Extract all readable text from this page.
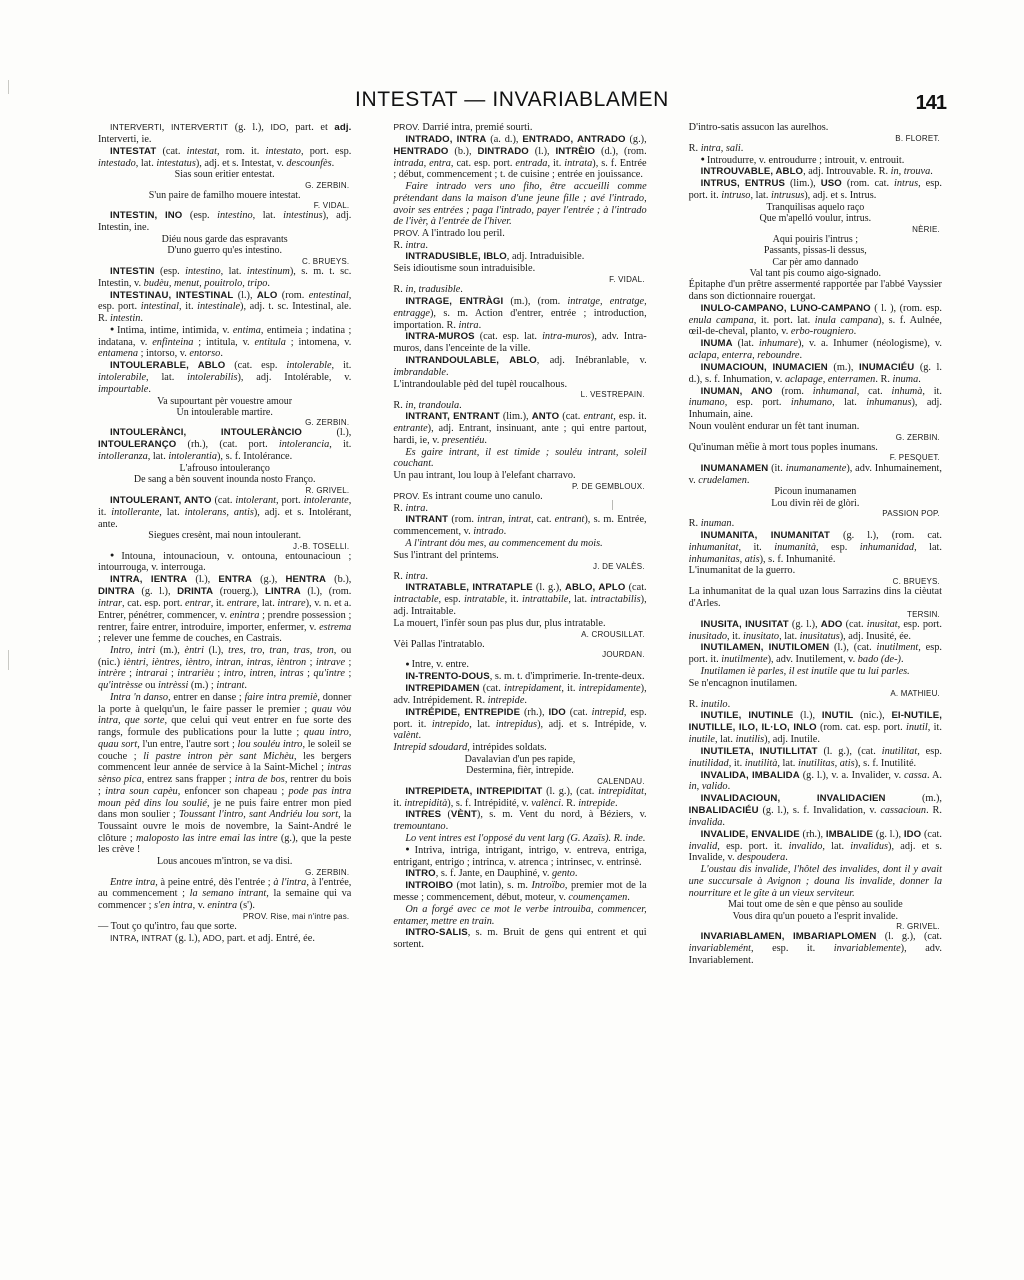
INTESTAT — INVARIABLAMEN	141

INTERVERTI, INTERVERTIT (g. l.), IDO, part. et adj. Interverti, ie.

INTESTAT (cat. intestat, rom. it. intestato, port. esp. intestado, lat. intestatus), adj. et s. Intestat, v. descounfès.

Sias soun eritier entestat.

G. ZERBIN.

S'un paire de familho mouere intestat.

F. VIDAL.

INTESTIN, INO (esp. intestino, lat. intestinus), adj. Intestin, ine.

Diéu nous garde das espravants

D'uno guerro qu'es intestino.

C. BRUEYS.

INTESTIN (esp. intestino, lat. intestinum), s. m. t. sc. Intestin, v. budèu, menut, pouitrolo, tripo.

INTESTINAU, INTESTINAL (l.), ALO (rom. entestinal, esp. port. intestinal, it. intestinale), adj. t. sc. Intestinal, ale. R. intestin.

● Intima, intime, intimida, v. entima, entimeia ; indatina ; indatana, v. enfinteina ; intitula, v. entitula ; intomena, v. entamena ; intorso, v. entorso.

INTOULERABLE, ABLO (cat. esp. intolerable, it. intolerabile, lat. intolerabilis), adj. Intolérable, v. impourtable.

Va supourtant pèr vouestre amour

Un intoulerable martire.

G. ZERBIN.

INTOULERÀNCI, INTOULERÀNCIO (l.), INTOULERANÇO (rh.), (cat. port. intolerancia, it. intolleranza, lat. intolerantia), s. f. Intolérance.

L'afrouso intouleranço

De sang a bèn souvent inounda nosto Franço.

R. GRIVEL.

INTOULERANT, ANTO (cat. intolerant, port. intolerante, it. intollerante, lat. intolerans, antis), adj. et s. Intolérant, ante.

Siegues cresènt, mai noun intoulerant.

J.-B. TOSELLI.

● Intouna, intounacioun, v. ontouna, entounacioun ; intourrouga, v. interrouga.

INTRA, IENTRA (l.), ENTRA (g.), HENTRA (b.), DINTRA (g. l.), DRINTA (rouerg.), LINTRA (l.), (rom. intrar, cat. esp. port. entrar, it. entrare, lat. intrare), v. n. et a. Entrer, pénétrer, commencer, v. enintra ; prendre possession ; rentrer, faire entrer, introduire, importer, enfermer, v. estrema ; relever une femme de couches, en Castrais.

Intro, intri (m.), èntri (l.), tres, tro, tran, tras, tron, ou (nic.) ièntri, ièntres, ièntro, intran, intras, ièntron ; intrave ; intrère ; intrarai ; intrarièu ; intro, intren, intras ; qu'intre ; qu'intrèsse ou intrèssi (m.) ; intrant.

Intra 'n danso, entrer en danse ; faire intra premiè, donner la porte à quelqu'un, le faire passer le premier ; quau vòu intra, que sorte, que celui qui veut entrer en fue sorte des rangs, formule des publications pour la lutte ; quau intro, quau sort, l'un entre, l'autre sort ; lou souléu intro, le soleil se couche ; li pastre intron pèr sant Michèu, les bergers commencent leur année de service à la Saint-Michel ; intras sènso pica, entrez sans frapper ; intra de bos, rentrer du bois ; intra soun capèu, enfoncer son chapeau ; pode pas intra moun pèd dins lou soulié, je ne puis faire entrer mon pied dans mon soulier ; Toussant l'intro, sant Andriéu lou sort, la Toussaint ouvre le mois de novembre, la Saint-André le clôture ; maloposto las intre emai las intre (g.), que la peste les crève !

Lous ancoues m'intron, se va disi.

G. ZERBIN.

Entre intra, à peine entré, dès l'entrée ; à l'intra, à l'entrée, au commencement ; la semano intrant, la semaine qui va commencer ; s'en intra, v. enintra (s').

PROV. Rise, mai n'intre pas.

— Tout ço qu'intro, fau que sorte.

INTRA, INTRAT (g. l.), ADO, part. et adj. Entré, ée.

PROV. Darrié intra, premié sourti.

INTRADO, INTRA (a. d.), ENTRADO, ANTRADO (g.), HENTRADO (b.), DINTRADO (l.), INTRÈIO (d.), (rom. intrada, entra, cat. esp. port. entrada, it. intrata), s. f. Entrée ; début, commencement ; t. de cuisine ; entrée en jouissance.

Faire intrado vers uno fiho, être accueilli comme prétendant dans la maison d'une jeune fille ; avé l'intrado, avoir ses entrées ; paga l'intrado, payer l'entrée ; à l'intrado de l'ivèr, à l'entrée de l'hiver.

PROV. A l'intrado lou peril.

R. intra.

INTRADUSIBLE, IBLO, adj. Intraduisible.

Seis idioutisme soun intraduisible.

F. VIDAL.

R. in, tradusible.

INTRAGE, ENTRÀGI (m.), (rom. intratge, entratge, entragge), s. m. Action d'entrer, entrée ; introduction, importation. R. intra.

INTRA-MUROS (cat. esp. lat. intra-muros), adv. Intra-muros, dans l'enceinte de la ville.

INTRANDOULABLE, ABLO, adj. Inébranlable, v. imbrandable.

L'intrandoulable pèd del tupèl roucalhous.

L. VESTREPAIN.

R. in, trandoula.

INTRANT, ENTRANT (lim.), ANTO (cat. entrant, esp. it. entrante), adj. Entrant, insinuant, ante ; qui entre partout, hardi, ie, v. presentiéu.

Es gaire intrant, il est timide ; souléu intrant, soleil couchant.

Un pau intrant, lou loup à l'elefant charravo.

P. DE GEMBLOUX.

PROV. Es intrant coume uno canulo.

R. intra.

INTRANT (rom. intran, intrat, cat. entrant), s. m. Entrée, commencement, v. intrado.

A l'intrant dóu mes, au commencement du mois.

Sus l'intrant del printems.

J. DE VALÈS.

R. intra.

INTRATABLE, INTRATAPLE (l. g.), ABLO, APLO (cat. intractable, esp. intratable, it. intrattabile, lat. intractabilis), adj. Intraitable.

La mouert, l'infèr soun pas plus dur, plus intratable.

A. CROUSILLAT.

Vèi Pallas l'intratablo.

JOURDAN.

● Intre, v. entre.

IN-TRENTO-DOUS, s. m. t. d'imprimerie. In-trente-deux.

INTREPIDAMEN (cat. intrepidament, it. intrepidamente), adv. Intrépidement. R. intrepide.

INTRÉPIDE, ENTREPIDE (rh.), IDO (cat. intrepid, esp. port. it. intrepido, lat. intrepidus), adj. et s. Intrépide, v. valènt.

Intrepid sdoudard, intrépides soldats.

Davalavian d'un pes rapide,

Destermina, fièr, intrepide.

CALENDAU.

INTREPIDETA, INTREPIDITAT (l. g.), (cat. intrepiditat, it. intrepidità), s. f. Intrépidité, v. valènci. R. intrepide.

INTRES (VÈNT), s. m. Vent du nord, à Béziers, v. tremountano.

Lo vent intres est l'opposé du vent larg (G. Azaïs). R. inde.

● Intriva, intriga, intrigant, intrigo, v. entreva, entriga, entrigant, entrigo ; intrinca, v. atrenca ; intrinsec, v. entrinsè.

INTRO, s. f. Jante, en Dauphiné, v. gento.

INTROIBO (mot latin), s. m. Introïbo, premier mot de la messe ; commencement, début, moteur, v. coumençamen.

On a forgé avec ce mot le verbe introuiba, commencer, entamer, mettre en train.

INTRO-SALIS, s. m. Bruit de gens qui entrent et qui sortent.

D'intro-satis assucon las aurelhos.

B. FLORET.

R. intra, sali.

● Introudurre, v. entroudurre ; introuit, v. entrouit.

INTROUVABLE, ABLO, adj. Introuvable. R. in, trouva.

INTRUS, ENTRUS (lim.), USO (rom. cat. intrus, esp. port. it. intruso, lat. intrusus), adj. et s. Intrus.

Tranquilisas aquelo raço

Que m'apelló voulur, intrus.

NÈRIE.

Aqui pouiris l'intrus ;

Passants, pissas-li dessus,

Car pèr amo dannado

Val tant pis coumo aigo-signado.

Épitaphe d'un prêtre assermenté rapportée par l'abbé Vayssier dans son dictionnaire rouergat.

INULO-CAMPANO, LUNO-CAMPANO ( l. ), (rom. esp. enula campana, it. port. lat. inula campana), s. f. Aulnée, œil-de-cheval, planto, v. erbo-rougniero.

INUMA (lat. inhumare), v. a. Inhumer (néologisme), v. aclapa, enterra, reboundre.

INUMACIOUN, INUMACIEN (m.), INUMACIÉU (g. l. d.), s. f. Inhumation, v. aclapage, enterramen. R. inuma.

INUMAN, ANO (rom. inhumanal, cat. inhumà, it. inumano, esp. port. inhumano, lat. inhumanus), adj. Inhumain, aine.

Noun voulènt endurar un fèt tant inuman.

G. ZERBIN.

Qu'inuman mèt̄ie à mort tous poples inumans.

F. PESQUET.

INUMANAMEN (it. inumanamente), adv. Inhumainement, v. crudelamen.

Picoun inumanamen

Lou divin rèi de glòri.

PASSION POP.

R. inuman.

INUMANITA, INUMANITAT (g. l.), (rom. cat. inhumanitat, it. inumanità, esp. inhumanidad, lat. inhumanitas, atis), s. f. Inhumanité.

L'inumanitat de la guerro.

C. BRUEYS.

La inhumanitat de la qual uzan lous Sarrazins dins la cièutat d'Arles.

TERSIN.

INUSITA, INUSITAT (g. l.), ADO (cat. inusitat, esp. port. inusitado, it. inusitato, lat. inusitatus), adj. Inusité, ée.

INUTILAMEN, INUTILOMEN (l.), (cat. inutilment, esp. port. it. inutilmente), adv. Inutilement, v. bado (de-).

Inutilamen iè parles, il est inutile que tu lui parles.

Se n'encagnon inutilamen.

A. MATHIEU.

R. inutilo.

INUTILE, INUTINLE (l.), INUTIL (nic.), EI-NUTILE, INUTILLE, ILO, IL·LO, INLO (rom. cat. esp. port. inutil, it. inutile, lat. inutilis), adj. Inutile.

INUTILETA, INUTILLITAT (l. g.), (cat. inutilitat, esp. inutilidad, it. inutilità, lat. inutilitas, atis), s. f. Inutilité.

INVALIDA, IMBALIDA (g. l.), v. a. Invalider, v. cassa. A. in, valido.

INVALIDACIOUN, INVALIDACIEN (m.), INBALIDACIÉU (g. l.), s. f. Invalidation, v. cassacioun. R. invalida.

INVALIDE, ENVALIDE (rh.), IMBALIDE (g. l.), IDO (cat. invalid, esp. port. it. invalido, lat. invalidus), adj. et s. Invalide, v. despoudera.

L'oustau dis invalide, l'hôtel des invalides, dont il y avait une succursale à Avignon ; douna lis invalide, donner la nourriture et le gîte à un vieux serviteur.

Mai tout ome de sèn e que pènso au soulide

Vous dira qu'un poueto a l'esprit invalide.

R. GRIVEL.

INVARIABLAMEN, IMBARIAPLOMEN (l. g.), (cat. invariablemént, esp. it. invariablemente), adv. Invariablement.
